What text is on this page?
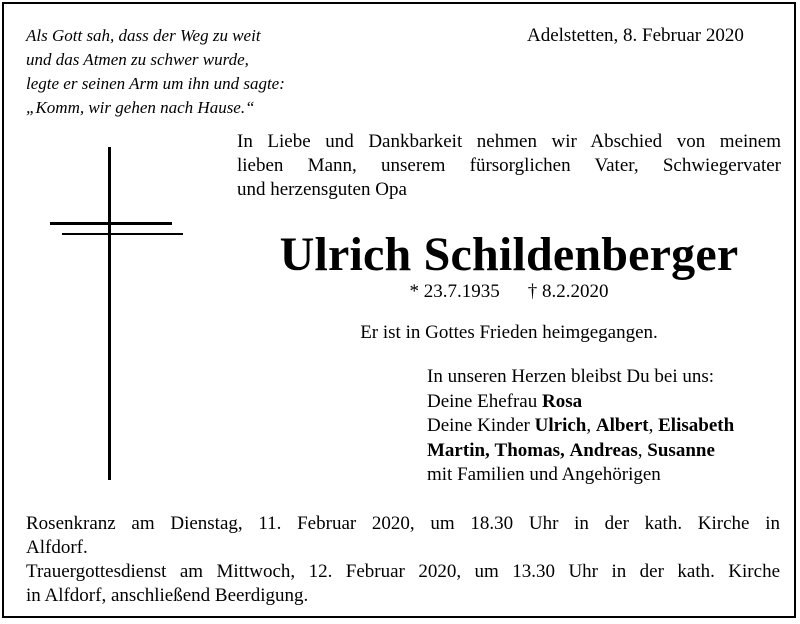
Als Gott sah, dass der Weg zu weit
und das Atmen zu schwer wurde,
legte er seinen Arm um ihn und sagte:
„Komm, wir gehen nach Hause.“
Adelstetten, 8. Februar 2020
In Liebe und Dankbarkeit nehmen wir Abschied von meinem
lieben Mann, unserem fürsorglichen Vater, Schwiegervater
und herzensguten Opa
Ulrich Schildenberger
* 23.7.1935 † 8.2.2020
Er ist in Gottes Frieden heimgegangen.
In unseren Herzen bleibst Du bei uns:
Deine Ehefrau Rosa
Deine Kinder Ulrich, Albert, Elisabeth
Martin, Thomas, Andreas, Susanne
mit Familien und Angehörigen
Rosenkranz am Dienstag, 11. Februar 2020, um 18.30 Uhr in der kath. Kirche in
Alfdorf.
Trauergottesdienst am Mittwoch, 12. Februar 2020, um 13.30 Uhr in der kath. Kirche
in Alfdorf, anschließend Beerdigung.
